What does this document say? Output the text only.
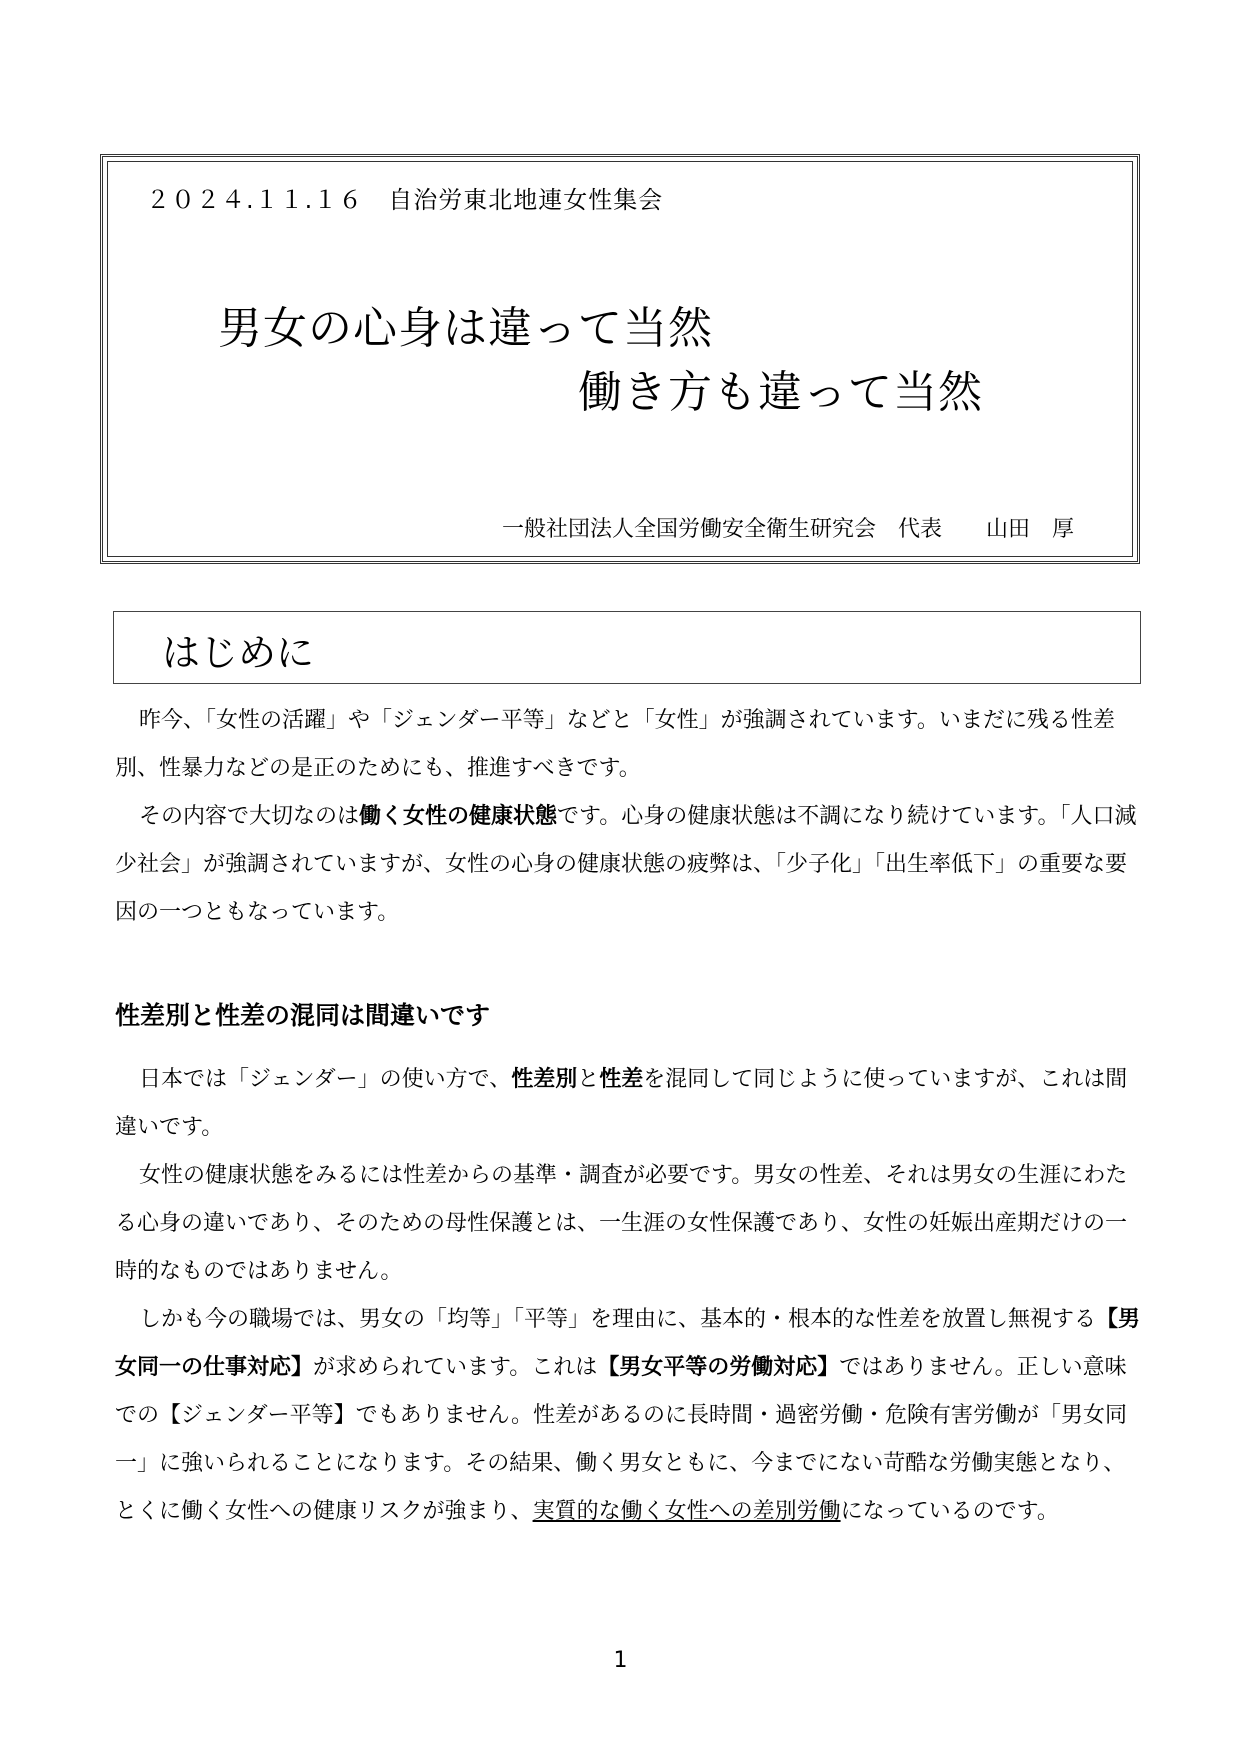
２０２４.１１.１６　自治労東北地連女性集会
男女の心身は違って当然
働き方も違って当然
一般社団法人全国労働安全衛生研究会　代表　　山田　厚
はじめに

昨今、「女性の活躍」や「ジェンダー平等」などと「女性」が強調されています。いまだに残る性差別、性暴力などの是正のためにも、推進すべきです。

その内容で大切なのは働く女性の健康状態です。心身の健康状態は不調になり続けています。「人口減少社会」が強調されていますが、女性の心身の健康状態の疲弊は、「少子化」「出生率低下」の重要な要因の一つともなっています。

性差別と性差の混同は間違いです

日本では「ジェンダー」の使い方で、性差別と性差を混同して同じように使っていますが、これは間違いです。

女性の健康状態をみるには性差からの基準・調査が必要です。男女の性差、それは男女の生涯にわたる心身の違いであり、そのための母性保護とは、一生涯の女性保護であり、女性の妊娠出産期だけの一時的なものではありません。

しかも今の職場では、男女の「均等」「平等」を理由に、基本的・根本的な性差を放置し無視する【男女同一の仕事対応】が求められています。これは【男女平等の労働対応】ではありません。正しい意味での【ジェンダー平等】でもありません。性差があるのに長時間・過密労働・危険有害労働が「男女同一」に強いられることになります。その結果、働く男女ともに、今までにない苛酷な労働実態となり、とくに働く女性への健康リスクが強まり、実質的な働く女性への差別労働になっているのです。

1
